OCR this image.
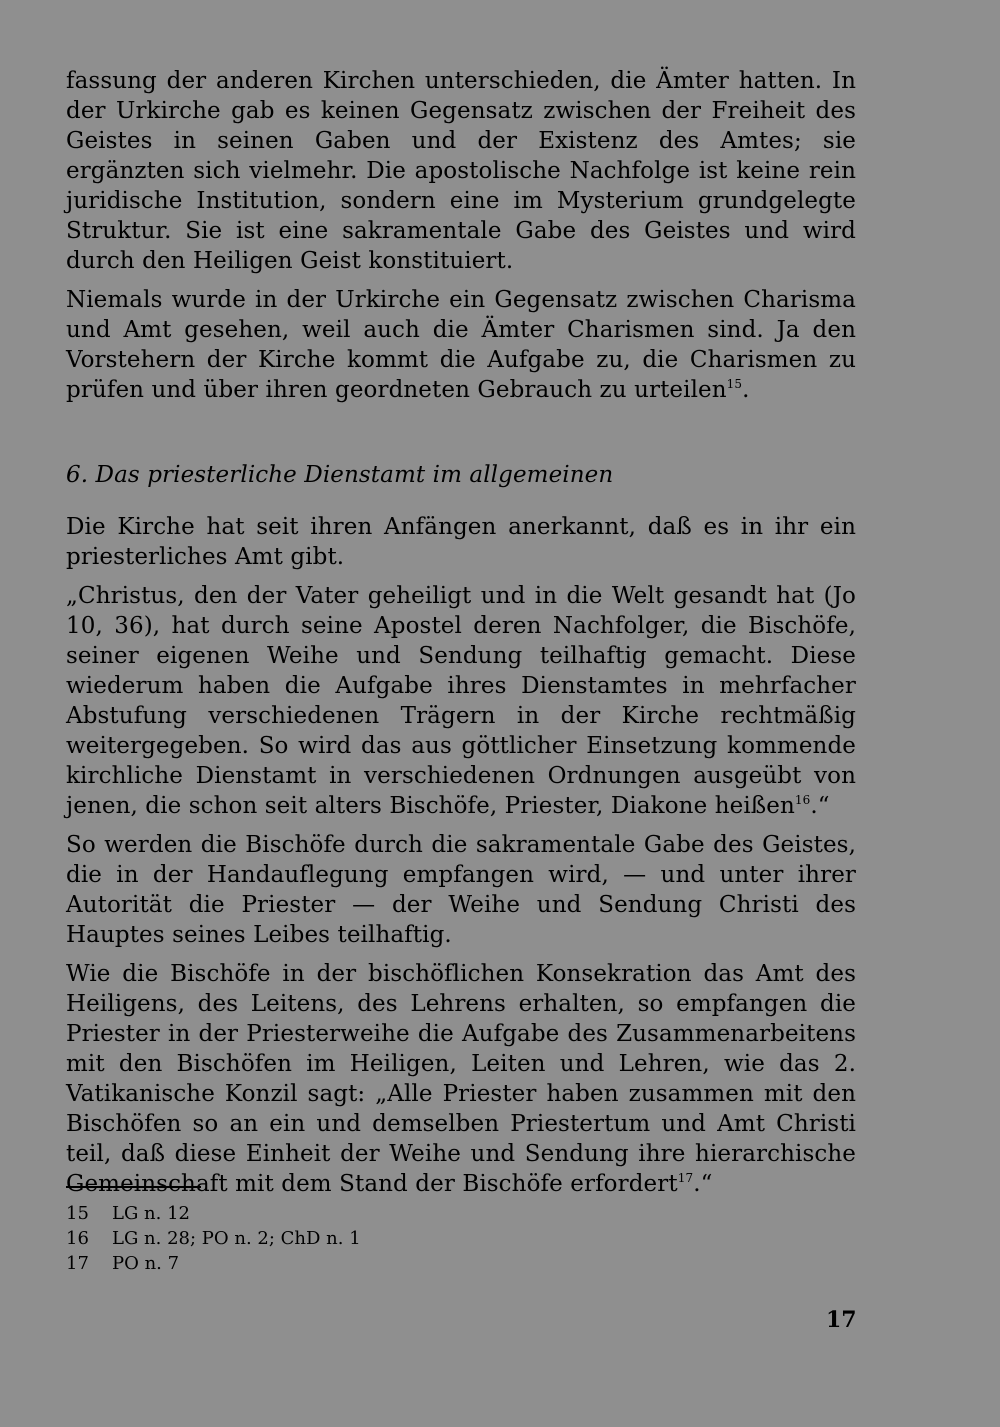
fassung der anderen Kirchen unterschieden, die Ämter hatten. In der Urkirche gab es keinen Gegensatz zwischen der Freiheit des Geistes in seinen Gaben und der Existenz des Amtes; sie ergänzten sich vielmehr. Die apostolische Nachfolge ist keine rein juridische Institution, sondern eine im Mysterium grundgelegte Struktur. Sie ist eine sakramentale Gabe des Geistes und wird durch den Heiligen Geist konstituiert.

Niemals wurde in der Urkirche ein Gegensatz zwischen Charisma und Amt gesehen, weil auch die Ämter Charismen sind. Ja den Vorstehern der Kirche kommt die Aufgabe zu, die Charismen zu prüfen und über ihren geordneten Gebrauch zu urteilen$^{15}$.

6. Das priesterliche Dienstamt im allgemeinen

Die Kirche hat seit ihren Anfängen anerkannt, daß es in ihr ein priesterliches Amt gibt.

„Christus, den der Vater geheiligt und in die Welt gesandt hat (Jo 10, 36), hat durch seine Apostel deren Nachfolger, die Bischöfe, seiner eigenen Weihe und Sendung teilhaftig gemacht. Diese wiederum haben die Aufgabe ihres Dienstamtes in mehrfacher Abstufung verschiedenen Trägern in der Kirche rechtmäßig weitergegeben. So wird das aus göttlicher Einsetzung kommende kirchliche Dienstamt in verschiedenen Ordnungen ausgeübt von jenen, die schon seit alters Bischöfe, Priester, Diakone heißen$^{16}$.“

So werden die Bischöfe durch die sakramentale Gabe des Geistes, die in der Handauflegung empfangen wird, — und unter ihrer Autorität die Priester — der Weihe und Sendung Christi des Hauptes seines Leibes teilhaftig.

Wie die Bischöfe in der bischöflichen Konsekration das Amt des Heiligens, des Leitens, des Lehrens erhalten, so empfangen die Priester in der Priesterweihe die Aufgabe des Zusammenarbeitens mit den Bischöfen im Heiligen, Leiten und Lehren, wie das 2. Vatikanische Konzil sagt: „Alle Priester haben zusammen mit den Bischöfen so an ein und demselben Priestertum und Amt Christi teil, daß diese Einheit der Weihe und Sendung ihre hierarchische Gemeinschaft mit dem Stand der Bischöfe erfordert$^{17}$.“

15	LG n. 12
16	LG n. 28; PO n. 2; ChD n. 1
17	PO n. 7
17
